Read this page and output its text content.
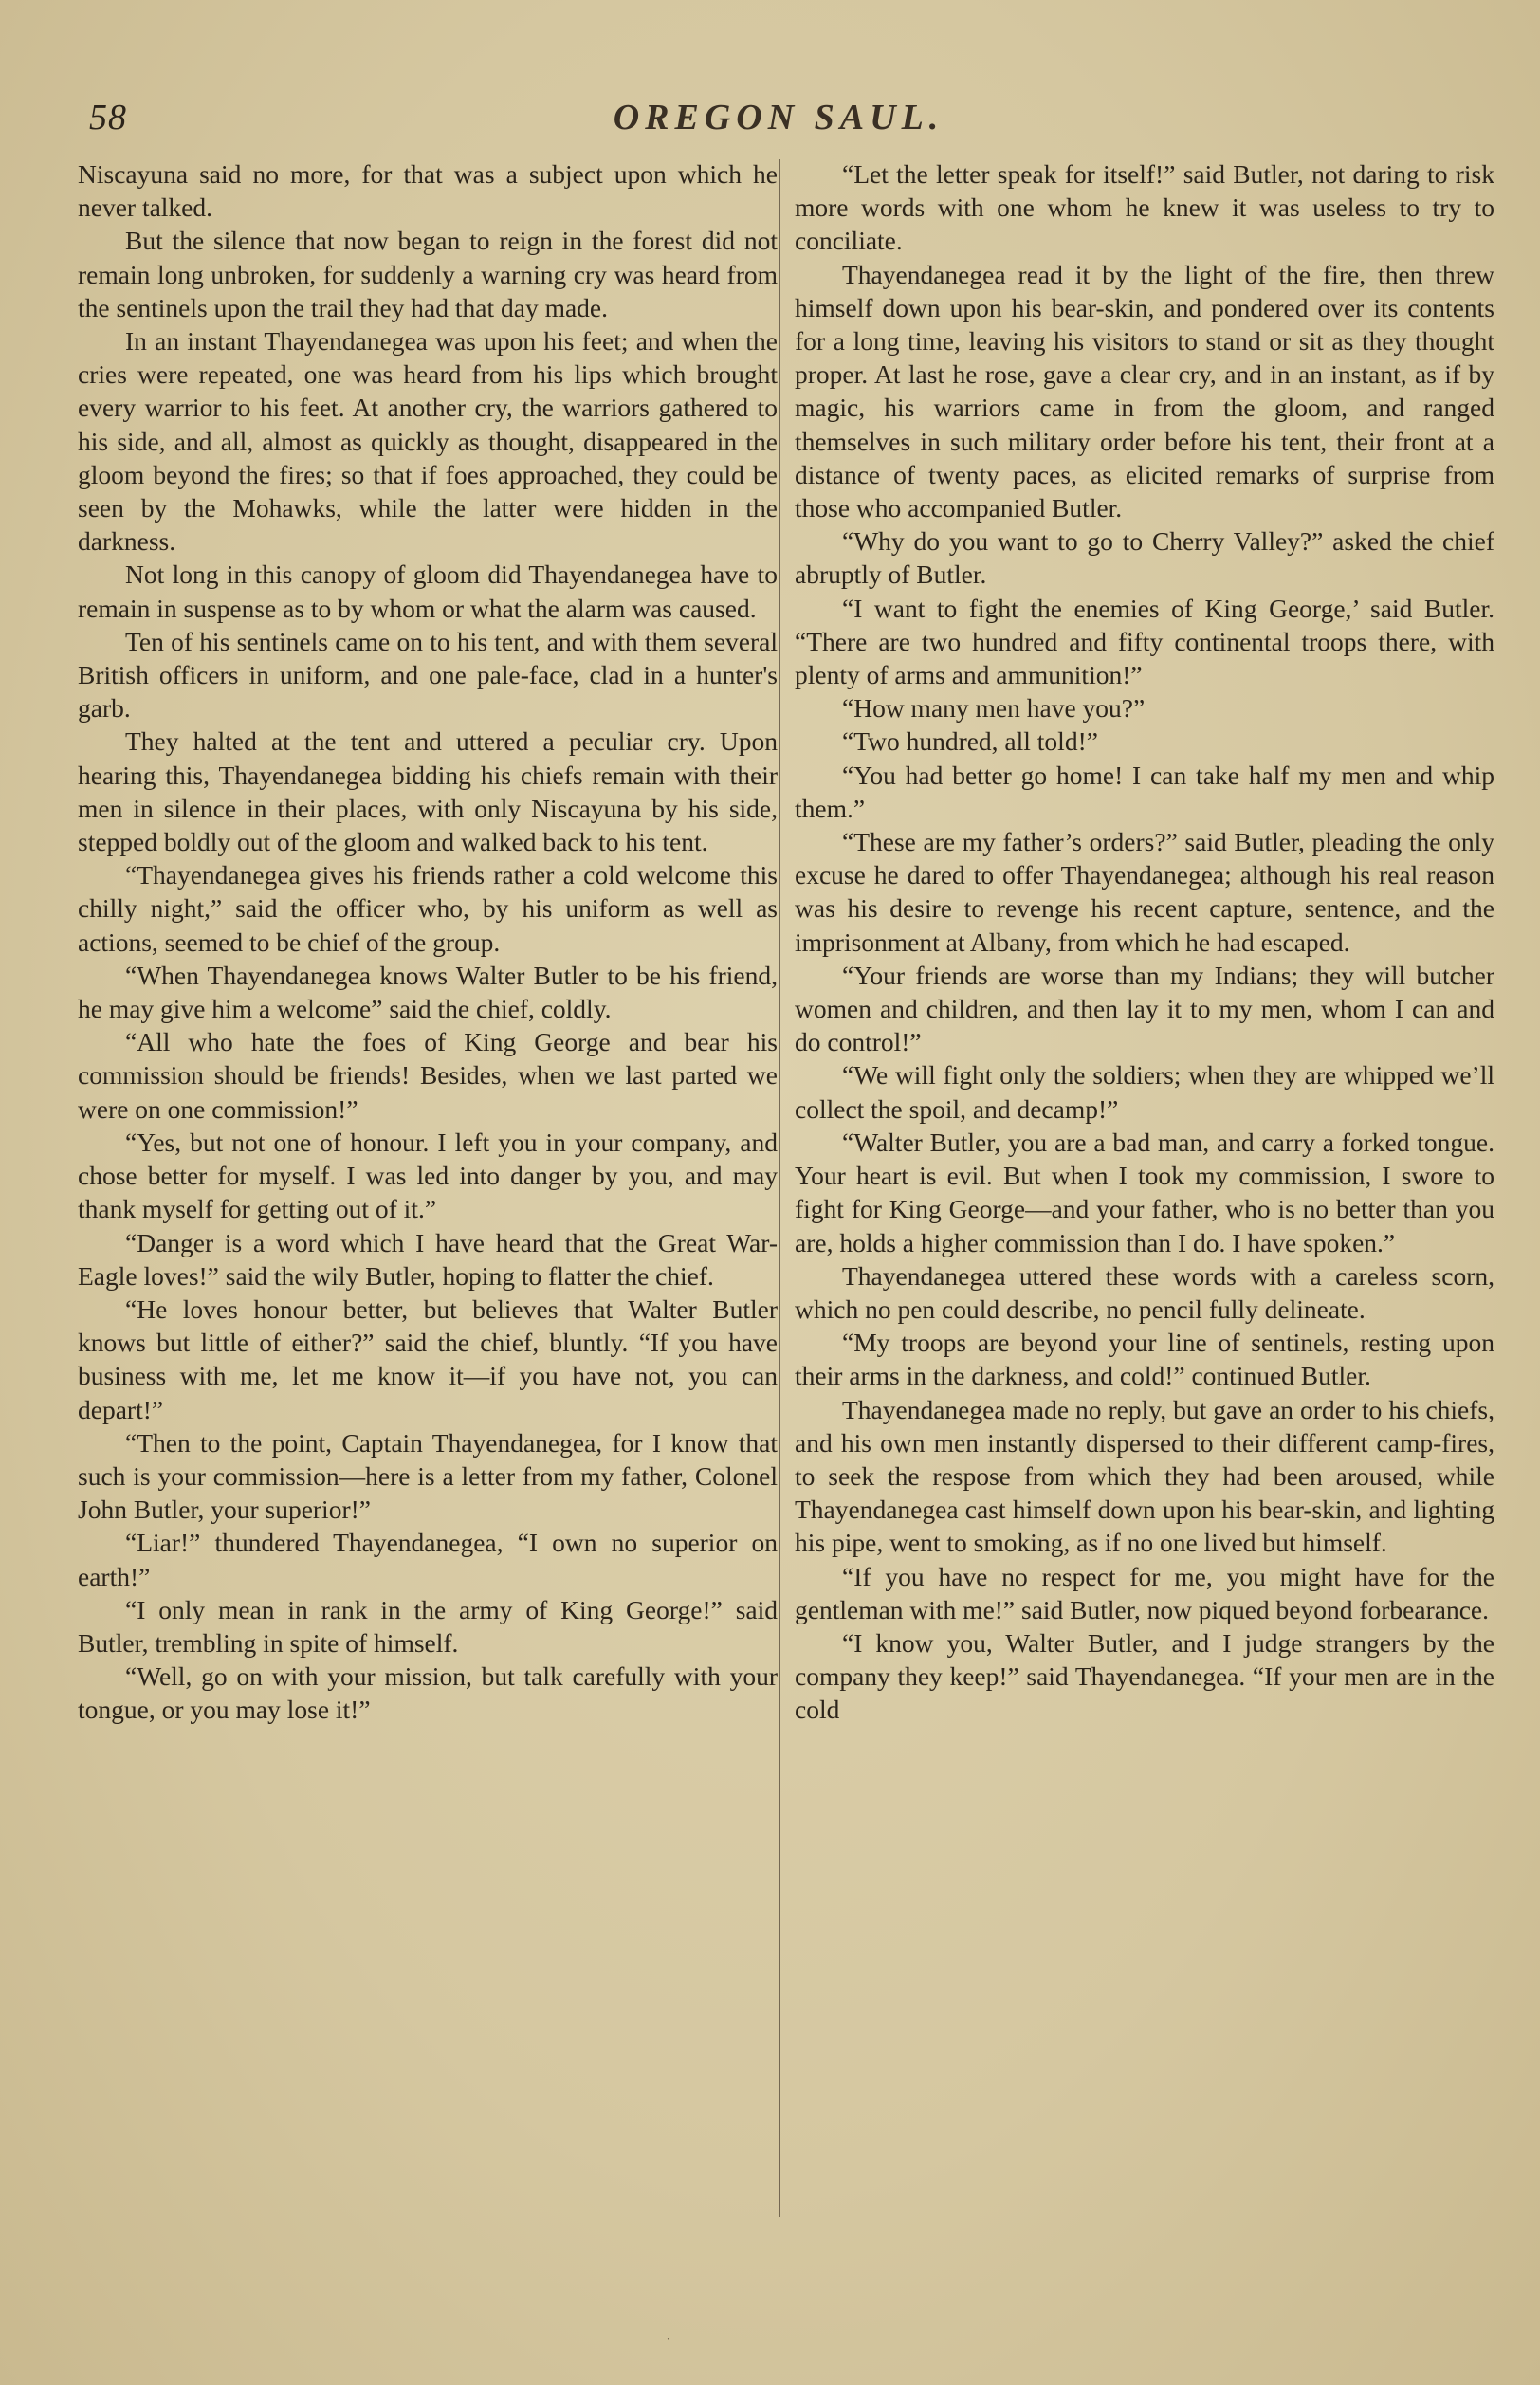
58	OREGON SAUL.

Niscayuna said no more, for that was a subject upon which he never talked.

But the silence that now began to reign in the forest did not remain long unbroken, for suddenly a warning cry was heard from the sentinels upon the trail they had that day made.

In an instant Thayendanegea was upon his feet; and when the cries were repeated, one was heard from his lips which brought every warrior to his feet. At another cry, the warriors gathered to his side, and all, almost as quickly as thought, disappeared in the gloom beyond the fires; so that if foes approached, they could be seen by the Mohawks, while the latter were hidden in the darkness.

Not long in this canopy of gloom did Thayendanegea have to remain in suspense as to by whom or what the alarm was caused.

Ten of his sentinels came on to his tent, and with them several British officers in uniform, and one pale-face, clad in a hunter's garb.

They halted at the tent and uttered a peculiar cry. Upon hearing this, Thayendanegea bidding his chiefs remain with their men in silence in their places, with only Niscayuna by his side, stepped boldly out of the gloom and walked back to his tent.

“Thayendanegea gives his friends rather a cold welcome this chilly night,” said the officer who, by his uniform as well as actions, seemed to be chief of the group.

“When Thayendanegea knows Walter Butler to be his friend, he may give him a welcome” said the chief, coldly.

“All who hate the foes of King George and bear his commission should be friends! Besides, when we last parted we were on one commission!”

“Yes, but not one of honour. I left you in your company, and chose better for myself. I was led into danger by you, and may thank myself for getting out of it.”

“Danger is a word which I have heard that the Great War-Eagle loves!” said the wily Butler, hoping to flatter the chief.

“He loves honour better, but believes that Walter Butler knows but little of either?” said the chief, bluntly. “If you have business with me, let me know it—if you have not, you can depart!”

“Then to the point, Captain Thayendanegea, for I know that such is your commission—here is a letter from my father, Colonel John Butler, your superior!”

“Liar!” thundered Thayendanegea, “I own no superior on earth!”

“I only mean in rank in the army of King George!” said Butler, trembling in spite of himself.

“Well, go on with your mission, but talk carefully with your tongue, or you may lose it!”

“Let the letter speak for itself!” said Butler, not daring to risk more words with one whom he knew it was useless to try to conciliate.

Thayendanegea read it by the light of the fire, then threw himself down upon his bear-skin, and pondered over its contents for a long time, leaving his visitors to stand or sit as they thought proper. At last he rose, gave a clear cry, and in an instant, as if by magic, his warriors came in from the gloom, and ranged themselves in such military order before his tent, their front at a distance of twenty paces, as elicited remarks of surprise from those who accompanied Butler.

“Why do you want to go to Cherry Valley?” asked the chief abruptly of Butler.

“I want to fight the enemies of King George,’ said Butler. “There are two hundred and fifty continental troops there, with plenty of arms and ammunition!”

“How many men have you?”

“Two hundred, all told!”

“You had better go home! I can take half my men and whip them.”

“These are my father’s orders?” said Butler, pleading the only excuse he dared to offer Thayendanegea; although his real reason was his desire to revenge his recent capture, sentence, and the imprisonment at Albany, from which he had escaped.

“Your friends are worse than my Indians; they will butcher women and children, and then lay it to my men, whom I can and do control!”

“We will fight only the soldiers; when they are whipped we’ll collect the spoil, and decamp!”

“Walter Butler, you are a bad man, and carry a forked tongue. Your heart is evil. But when I took my commission, I swore to fight for King George—and your father, who is no better than you are, holds a higher commission than I do. I have spoken.”

Thayendanegea uttered these words with a careless scorn, which no pen could describe, no pencil fully delineate.

“My troops are beyond your line of sentinels, resting upon their arms in the darkness, and cold!” continued Butler.

Thayendanegea made no reply, but gave an order to his chiefs, and his own men instantly dispersed to their different camp-fires, to seek the respose from which they had been aroused, while Thayendanegea cast himself down upon his bear-skin, and lighting his pipe, went to smoking, as if no one lived but himself.

“If you have no respect for me, you might have for the gentleman with me!” said Butler, now piqued beyond forbearance.

“I know you, Walter Butler, and I judge strangers by the company they keep!” said Thayendanegea. “If your men are in the cold

·
